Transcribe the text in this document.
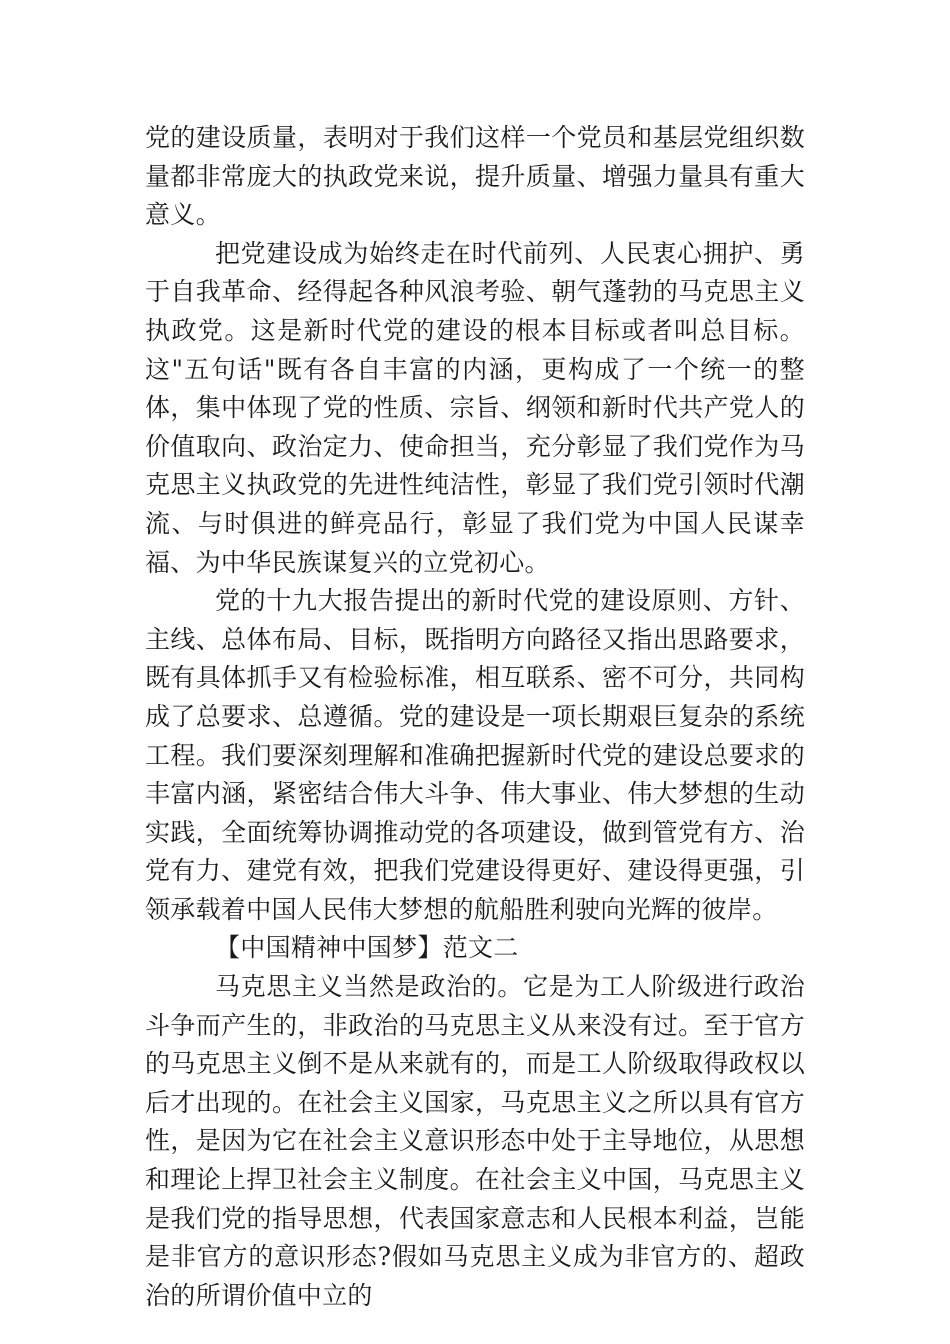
党的建设质量，表明对于我们这样一个党员和基层党组织数量都非常庞大的执政党来说，提升质量、增强力量具有重大意义。

把党建设成为始终走在时代前列、人民衷心拥护、勇于自我革命、经得起各种风浪考验、朝气蓬勃的马克思主义执政党。这是新时代党的建设的根本目标或者叫总目标。这"五句话"既有各自丰富的内涵，更构成了一个统一的整体，集中体现了党的性质、宗旨、纲领和新时代共产党人的价值取向、政治定力、使命担当，充分彰显了我们党作为马克思主义执政党的先进性纯洁性，彰显了我们党引领时代潮流、与时俱进的鲜亮品行，彰显了我们党为中国人民谋幸福、为中华民族谋复兴的立党初心。

党的十九大报告提出的新时代党的建设原则、方针、主线、总体布局、目标，既指明方向路径又指出思路要求，既有具体抓手又有检验标准，相互联系、密不可分，共同构成了总要求、总遵循。党的建设是一项长期艰巨复杂的系统工程。我们要深刻理解和准确把握新时代党的建设总要求的丰富内涵，紧密结合伟大斗争、伟大事业、伟大梦想的生动实践，全面统筹协调推动党的各项建设，做到管党有方、治党有力、建党有效，把我们党建设得更好、建设得更强，引领承载着中国人民伟大梦想的航船胜利驶向光辉的彼岸。

【中国精神中国梦】范文二

马克思主义当然是政治的。它是为工人阶级进行政治斗争而产生的，非政治的马克思主义从来没有过。至于官方的马克思主义倒不是从来就有的，而是工人阶级取得政权以后才出现的。在社会主义国家，马克思主义之所以具有官方性，是因为它在社会主义意识形态中处于主导地位，从思想和理论上捍卫社会主义制度。在社会主义中国，马克思主义是我们党的指导思想，代表国家意志和人民根本利益，岂能是非官方的意识形态?假如马克思主义成为非官方的、超政治的所谓价值中立的
